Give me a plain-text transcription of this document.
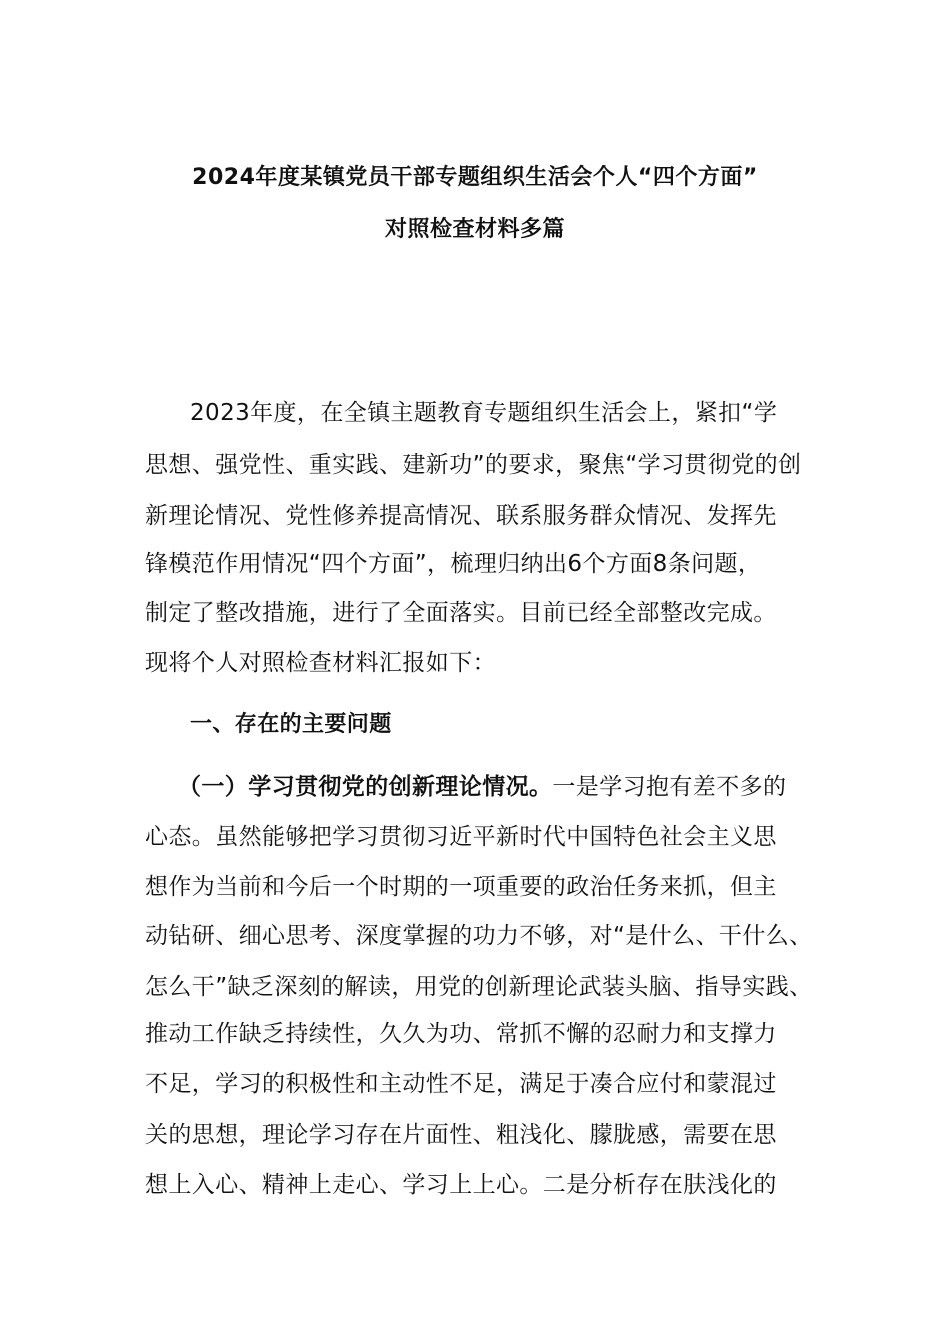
2024年度某镇党员干部专题组织生活会个人“四个方面”
对照检查材料多篇
2023年度，在全镇主题教育专题组织生活会上，紧扣“学
思想、强党性、重实践、建新功”的要求，聚焦“学习贯彻党的创
新理论情况、党性修养提高情况、联系服务群众情况、发挥先
锋模范作用情况“四个方面”，梳理归纳出6个方面8条问题，
制定了整改措施，进行了全面落实。目前已经全部整改完成。
现将个人对照检查材料汇报如下：
一、存在的主要问题
（一）学习贯彻党的创新理论情况。一是学习抱有差不多的
心态。虽然能够把学习贯彻习近平新时代中国特色社会主义思
想作为当前和今后一个时期的一项重要的政治任务来抓，但主
动钻研、细心思考、深度掌握的功力不够，对“是什么、干什么、
怎么干”缺乏深刻的解读，用党的创新理论武装头脑、指导实践、
推动工作缺乏持续性，久久为功、常抓不懈的忍耐力和支撑力
不足，学习的积极性和主动性不足，满足于凑合应付和蒙混过
关的思想，理论学习存在片面性、粗浅化、朦胧感，需要在思
想上入心、精神上走心、学习上上心。二是分析存在肤浅化的
